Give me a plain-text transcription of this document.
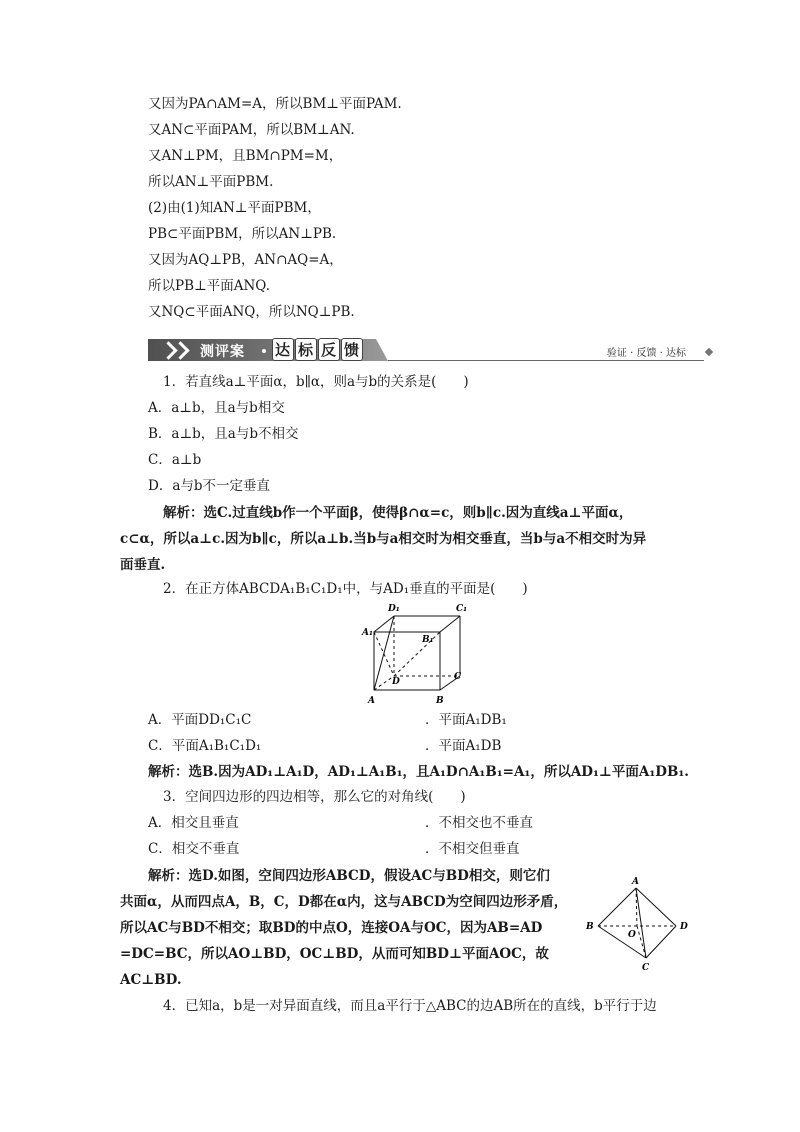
又因为PA∩AM=A，所以BM⊥平面PAM.
又AN⊂平面PAM，所以BM⊥AN.
又AN⊥PM，且BM∩PM=M，
所以AN⊥平面PBM.
(2)由(1)知AN⊥平面PBM，
PB⊂平面PBM，所以AN⊥PB.
又因为AQ⊥PB，AN∩AQ=A，
所以PB⊥平面ANQ.
又NQ⊂平面ANQ，所以NQ⊥PB.
测评案 达 标 反 馈	验证 · 反馈 · 达标
1．若直线a⊥平面α，b∥α，则a与b的关系是(　　)
A．a⊥b，且a与b相交
B．a⊥b，且a与b不相交
C．a⊥b
D．a与b不一定垂直
解析：选C.过直线b作一个平面β，使得β∩α=c，则b∥c.因为直线a⊥平面α，
c⊂α，所以a⊥c.因为b∥c，所以a⊥b.当b与a相交时为相交垂直，当b与a不相交时为异
面垂直.
2．在正方体ABCDA₁B₁C₁D₁中，与AD₁垂直的平面是(　　)
D₁	C₁
A₁
B₁
D	C
A	B
A．平面DD₁C₁C	．平面A₁DB₁
C．平面A₁B₁C₁D₁	．平面A₁DB
解析：选B.因为AD₁⊥A₁D，AD₁⊥A₁B₁，且A₁D∩A₁B₁=A₁，所以AD₁⊥平面A₁DB₁.
3．空间四边形的四边相等，那么它的对角线(　　)
A．相交且垂直	．不相交也不垂直
C．相交不垂直	．不相交但垂直
解析：选D.如图，空间四边形ABCD，假设AC与BD相交，则它们
共面α，从而四点A，B，C，D都在α内，这与ABCD为空间四边形矛盾，
所以AC与BD不相交；取BD的中点O，连接OA与OC，因为AB=AD
=DC=BC，所以AO⊥BD，OC⊥BD，从而可知BD⊥平面AOC，故
AC⊥BD.
A
B
O
D
C
4．已知a，b是一对异面直线，而且a平行于△ABC的边AB所在的直线，b平行于边
